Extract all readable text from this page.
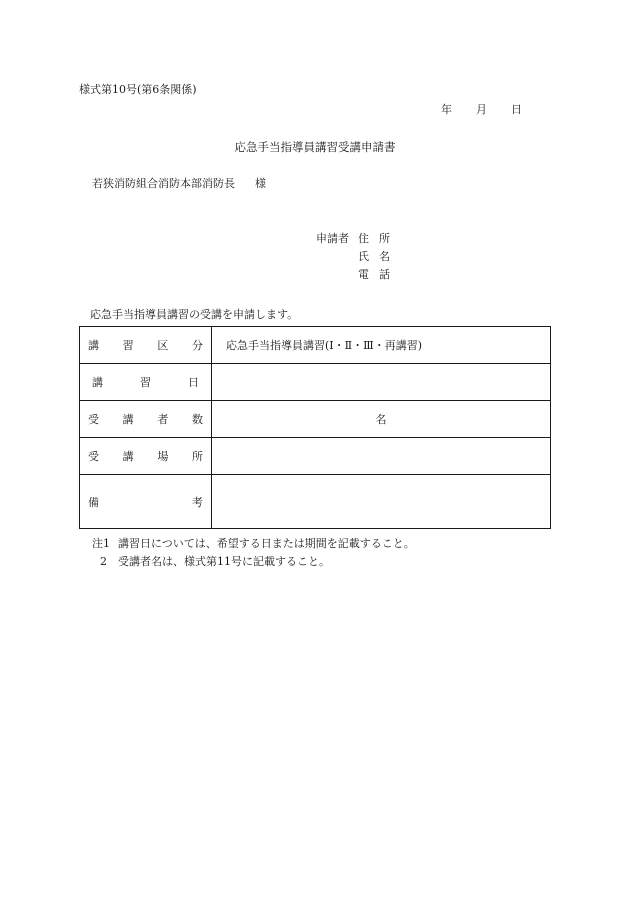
様式第10号(第6条関係)
年 月 日
応急手当指導員講習受講申請書
若狭消防組合消防本部消防長 様
申請者 住所
氏名
電話
応急手当指導員講習の受講を申請します。
講 習 区 分	応急手当指導員講習(Ⅰ・Ⅱ・Ⅲ・再講習)

講 習 日	

受 講 者 数	名

受 講 場 所	

備 考	

注1 講習日については、希望する日または期間を記載すること。
2	受講者名は、様式第11号に記載すること。
